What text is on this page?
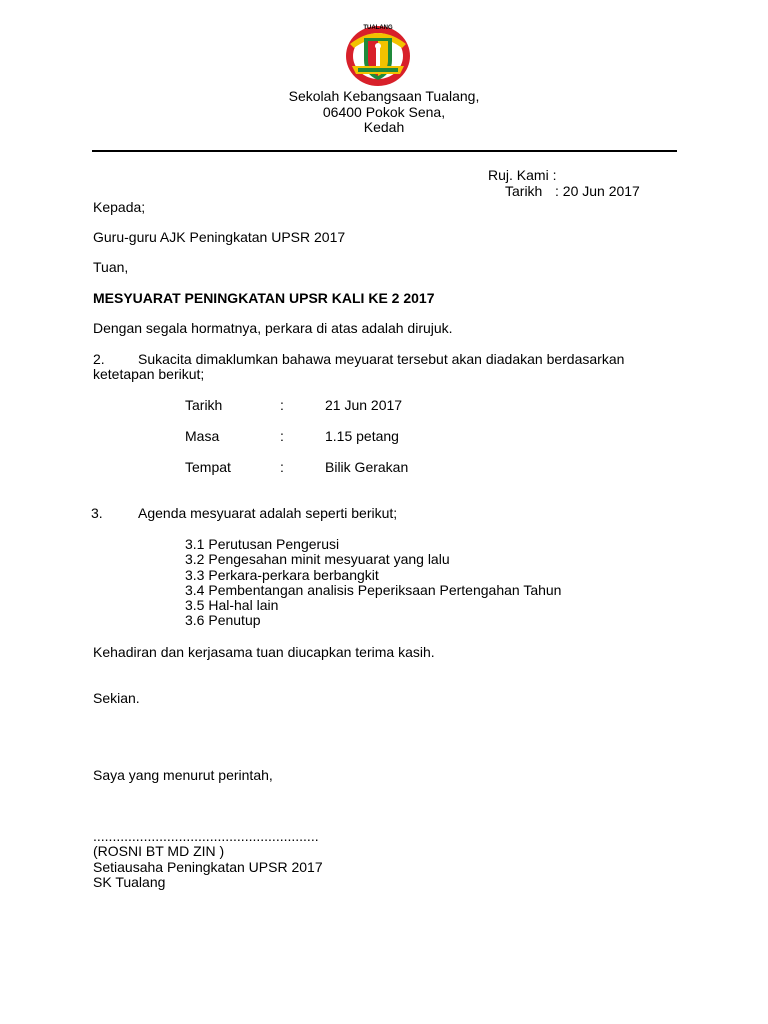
TUALANG
Sekolah Kebangsaan Tualang,
06400 Pokok Sena,
Kedah
Ruj. Kami :
Tarikh : 20 Jun 2017
Kepada;
Guru-guru AJK Peningkatan UPSR 2017
Tuan,
MESYUARAT PENINGKATAN UPSR KALI KE 2 2017
Dengan segala hormatnya, perkara di atas adalah dirujuk.
2. Sukacita dimaklumkan bahawa meyuarat tersebut akan diadakan berdasarkan
ketetapan berikut;
Tarikh	:	21 Jun 2017
Masa	:	1.15 petang
Tempat	:	Bilik Gerakan
3.	Agenda mesyuarat adalah seperti berikut;
3.1 Perutusan Pengerusi
3.2 Pengesahan minit mesyuarat yang lalu
3.3 Perkara-perkara berbangkit
3.4 Pembentangan analisis Peperiksaan Pertengahan Tahun
3.5 Hal-hal lain
3.6 Penutup
Kehadiran dan kerjasama tuan diucapkan terima kasih.
Sekian.
Saya yang menurut perintah,
..........................................................
(ROSNI BT MD ZIN )
Setiausaha Peningkatan UPSR 2017
SK Tualang
